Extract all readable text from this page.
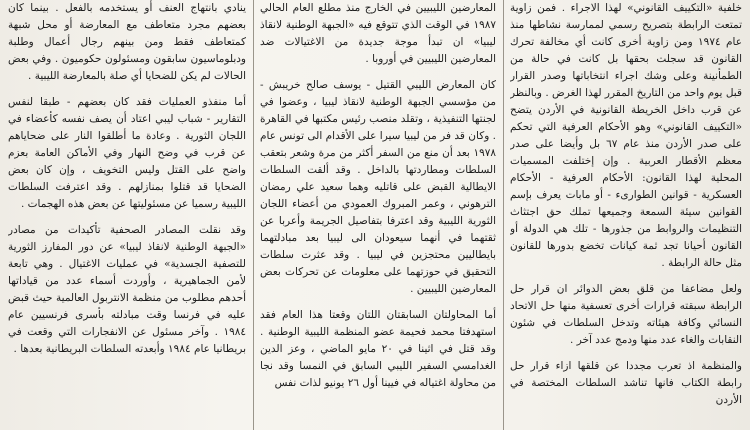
خلفية «التكييف القانوني» لهذا الاجراء . فمن زاوية تمتعت الرابطة بتصريح رسمي لممارسة نشاطها منذ عام ١٩٧٤ ومن زاوية أخرى كانت أي مخالفة تحرك القانون قد سجلت بحقها بل كانت في حالة من الطمأنينة وعلى وشك اجراء انتخاباتها وصدر القرار قبل يوم واحد من التاريخ المقرر لهذا الغرض . وبالنظر عن قرب داخل الخريطة القانونية في الأردن يتضح «التكييف القانوني» وهو الأحكام العرفية التي تحكم على صدر الأردن منذ عام ٦٧ بل وأيضا على صدر معظم الأقطار العربية . وإن إختلفت المسميات المحلية لهذا القانون: الأحكام العرفية - الأحكام العسكرية - قوانين الطوارىء - أو مابات يعرف بإسم القوانين سيئة السمعة وجميعها تملك حق اجتثاث التنظيمات والروابط من جذورها - تلك هي الدولة أو القانون أحيانا تجد ثمة كيانات تخضع بدورها للقانون مثل حالة الرابطة .

ولعل مضاعفا من قلق بعض الدوائر ان قرار حل الرابطة سبقته قرارات أخرى تعسفية منها حل الاتحاد النسائي وكافة هيئاته وتدخل السلطات في شئون النقابات والغاء عدد منها ودمج عدد آخر .

والمنظمة اذ تعرب مجددا عن قلقها ازاء قرار حل رابطة الكتاب فانها تناشد السلطات المختصة في الأردن

المعارضين الليبيين في الخارج منذ مطلع العام الحالي ١٩٨٧ في الوقت الذي تتوقع فيه «الجبهة الوطنية لانقاذ ليبيا» ان تبدأ موجة جديدة من الاغتيالات ضد المعارضين الليبيين في أوروبا .

كان المعارض الليبي القتيل - يوسف صالح خريبش - من مؤسسي الجبهة الوطنية لانقاذ ليبيا ، وعضوا في لجنتها التنفيذية ، وتقلد منصب رئيس مكتبها في القاهرة . وكان قد فر من ليبيا سيرا على الأقدام الى تونس عام ١٩٧٨ بعد أن منع من السفر أكثر من مرة وشعر بتعقب السلطات ومطاردتها بالداخل . وقد ألقت السلطات الايطالية القبض على قاتليه وهما سعيد علي رمضان الترهوني ، وعمر المبروك العمودي من أعضاء اللجان الثورية الليبية وقد اعترفا بتفاصيل الجريمة وأعربا عن ثقتهما في أنهما سيعودان الى ليبيا بعد مبادلتهما بايطاليين محتجزين في ليبيا . وقد عثرت سلطات التحقيق في حوزتهما على معلومات عن تحركات بعض المعارضين الليبيين .

أما المحاولتان السابقتان اللتان وقعتا هذا العام فقد استهدفتا محمد فحيمة عضو المنظمة الليبية الوطنية . وقد قتل في اثينا في ٢٠ مايو الماضي ، وعز الدين الغدامسي السفير الليبي السابق في النمسا وقد نجا من محاولة اغتياله في فيينا أول ٢٦ يونيو لذات نفس

ينادي بانتهاج العنف أو يستخدمه بالفعل . بينما كان بعضهم مجرد متعاطف مع المعارضة أو محل شبهة كمتعاطف فقط ومن بينهم رجال أعمال وطلبة ودبلوماسيون سابقون ومسئولون حكوميون . وفي بعض الحالات لم يكن للضحايا أي صلة بالمعارضة الليبية .

أما منفذو العمليات فقد كان بعضهم - طبقا لنفس التقارير - شباب ليبي اعتاد أن يصف نفسه كأعضاء في اللجان الثورية . وعادة ما أطلقوا النار على ضحاياهم عن قرب في وضح النهار وفي الأماكن العامة بعزم واضح على القتل وليس التخويف ، وإن كان بعض الضحايا قد قتلوا بمنازلهم . وقد اعترفت السلطات الليبية رسميا عن مسئوليتها عن بعض هذه الهجمات .

وقد نقلت المصادر الصحفية تأكيدات من مصادر «الجبهة الوطنية لانقاذ ليبيا» عن دور المفارز الثورية للتصفية الجسدية» في عمليات الاغتيال . وهي تابعة لأمن الجماهيرية ، وأوردت أسماء عدد من قياداتها أحدهم مطلوب من منظمة الانتربول العالمية حيث قبض عليه في فرنسا وقت مبادلته بأسرى فرنسيين عام ١٩٨٤ . وآخر مسئول عن الانفجارات التي وقعت في بريطانيا عام ١٩٨٤ وأبعدته السلطات البريطانية بعدها .
